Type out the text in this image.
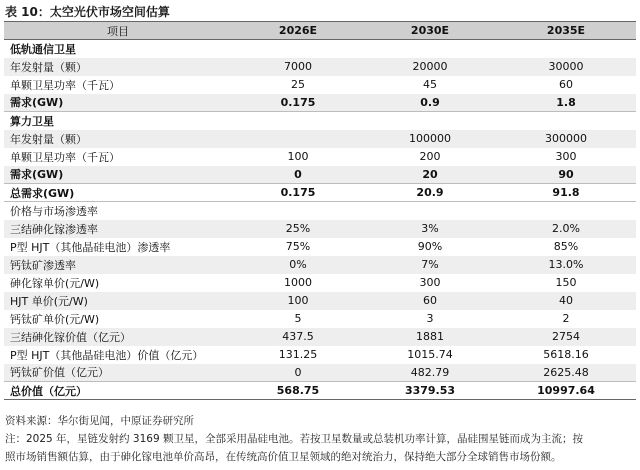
表 10：太空光伏市场空间估算
项目	2026E	2030E	2035E
低轨通信卫星			
年发射量（颗）	7000	20000	30000
单颗卫星功率（千瓦）	25	45	60
需求(GW)	0.175	0.9	1.8
算力卫星			
年发射量（颗）		100000	300000
单颗卫星功率（千瓦）	100	200	300
需求(GW)	0	20	90
总需求(GW)	0.175	20.9	91.8
价格与市场渗透率			
三结砷化镓渗透率	25%	3%	2.0%
P型 HJT（其他晶硅电池）渗透率	75%	90%	85%
钙钛矿渗透率	0%	7%	13.0%
砷化镓单价(元/W)	1000	300	150
HJT 单价(元/W)	100	60	40
钙钛矿单价(元/W)	5	3	2
三结砷化镓价值（亿元）	437.5	1881	2754
P型 HJT（其他晶硅电池）价值（亿元）	131.25	1015.74	5618.16
钙钛矿价值（亿元）	0	482.79	2625.48
总价值（亿元）	568.75	3379.53	10997.64
资料来源：华尔街见闻，中原证券研究所
注：2025 年，星链发射约 3169 颗卫星，全部采用晶硅电池。若按卫星数量或总装机功率计算，晶硅围星链而成为主流；按
照市场销售额估算，由于砷化镓电池单价高昂，在传统高价值卫星领域的绝对统治力，保持绝大部分全球销售市场份额。
